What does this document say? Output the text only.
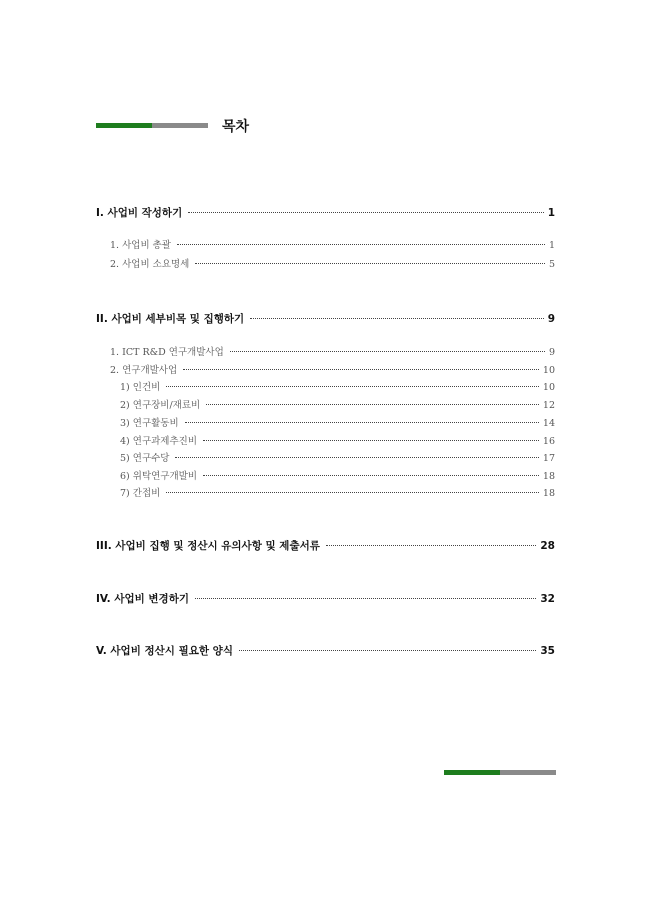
목차
I. 사업비 작성하기	1
1. 사업비 총괄	1
2. 사업비 소요명세	5
II. 사업비 세부비목 및 집행하기	9
1. ICT R&D 연구개발사업	9
2. 연구개발사업	10
1) 인건비	10
2) 연구장비/재료비	12
3) 연구활동비	14
4) 연구과제추진비	16
5) 연구수당	17
6) 위탁연구개발비	18
7) 간접비	18
III. 사업비 집행 및 정산시 유의사항 및 제출서류	28
IV. 사업비 변경하기	32
V. 사업비 정산시 필요한 양식	35
